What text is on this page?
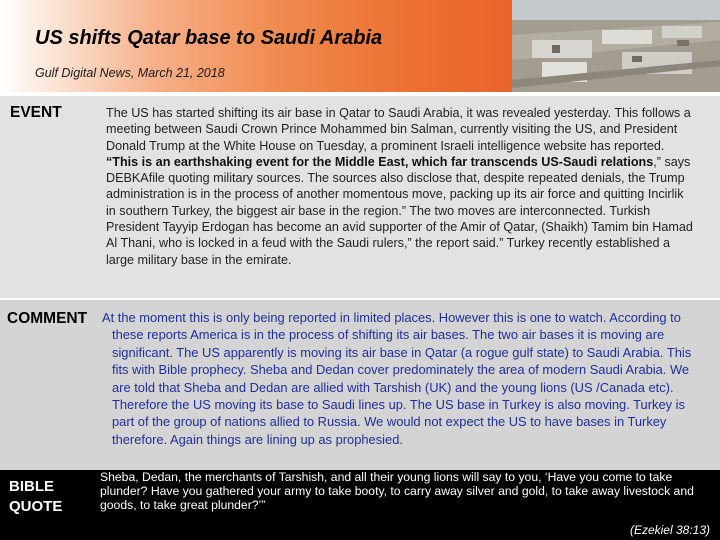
US shifts Qatar base to Saudi Arabia
Gulf Digital News, March 21, 2018
EVENT	The US has started shifting its air base in Qatar to Saudi Arabia, it was revealed yesterday. This follows a meeting between Saudi Crown Prince Mohammed bin Salman, currently visiting the US, and President Donald Trump at the White House on Tuesday, a prominent Israeli intelligence website has reported. “This is an earthshaking event for the Middle East, which far transcends US-Saudi relations,” says DEBKAfile quoting military sources. The sources also disclose that, despite repeated denials, the Trump administration is in the process of another momentous move, packing up its air force and quitting Incirlik in southern Turkey, the biggest air base in the region.” The two moves are interconnected. Turkish President Tayyip Erdogan has become an avid supporter of the Amir of Qatar, (Shaikh) Tamim bin Hamad Al Thani, who is locked in a feud with the Saudi rulers,” the report said.” Turkey recently established a large military base in the emirate.
COMMENT At the moment this is only being reported in limited places. However this is one to watch. According to these reports America is in the process of shifting its air bases. The two air bases it is moving are significant. The US apparently is moving its air base in Qatar (a rogue gulf state) to Saudi Arabia. This fits with Bible prophecy. Sheba and Dedan cover predominately the area of modern Saudi Arabia. We are told that Sheba and Dedan are allied with Tarshish (UK) and the young lions (US /Canada etc). Therefore the US moving its base to Saudi lines up. The US base in Turkey is also moving. Turkey is part of the group of nations allied to Russia. We would not expect the US to have bases in Turkey therefore. Again things are lining up as prophesied.
BIBLE
QUOTE
Sheba, Dedan, the merchants of Tarshish, and all their young lions will say to you, ‘Have you come to take plunder? Have you gathered your army to take booty, to carry away silver and gold, to take away livestock and goods, to take great plunder?’”
(Ezekiel 38:13)
